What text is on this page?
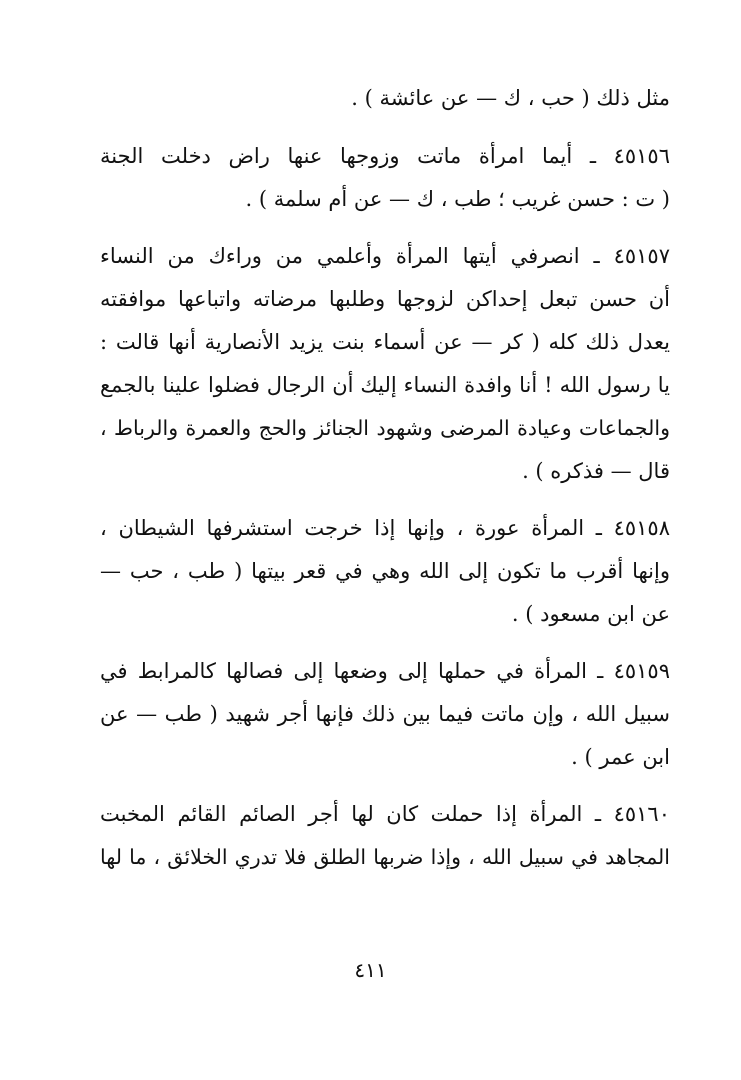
مثل ذلك ( حب ، ك — عن عائشة ) .
٤٥١٥٦ ـ أيما امرأة ماتت وزوجها عنها راض دخلت الجنة
( ت : حسن غريب ؛ طب ، ك — عن أم سلمة ) .
٤٥١٥٧ ـ انصرفي أيتها المرأة وأعلمي من وراءك من النساء
أن حسن تبعل إحداكن لزوجها وطلبها مرضاته واتباعها موافقته
يعدل ذلك كله ( كر — عن أسماء بنت يزيد الأنصارية أنها قالت :
يا رسول الله ! أنا وافدة النساء إليك أن الرجال فضلوا علينا بالجمع
والجماعات وعيادة المرضى وشهود الجنائز والحج والعمرة والرباط ،
قال — فذكره ) .
٤٥١٥٨ ـ المرأة عورة ، وإنها إذا خرجت استشرفها الشيطان ،
وإنها أقرب ما تكون إلى الله وهي في قعر بيتها ( طب ، حب —
عن ابن مسعود ) .
٤٥١٥٩ ـ المرأة في حملها إلى وضعها إلى فصالها كالمرابط في
سبيل الله ، وإن ماتت فيما بين ذلك فإنها أجر شهيد ( طب — عن
ابن عمر ) .
٤٥١٦٠ ـ المرأة إذا حملت كان لها أجر الصائم القائم المخبت
المجاهد في سبيل الله ، وإذا ضربها الطلق فلا تدري الخلائق ، ما لها
٤١١
